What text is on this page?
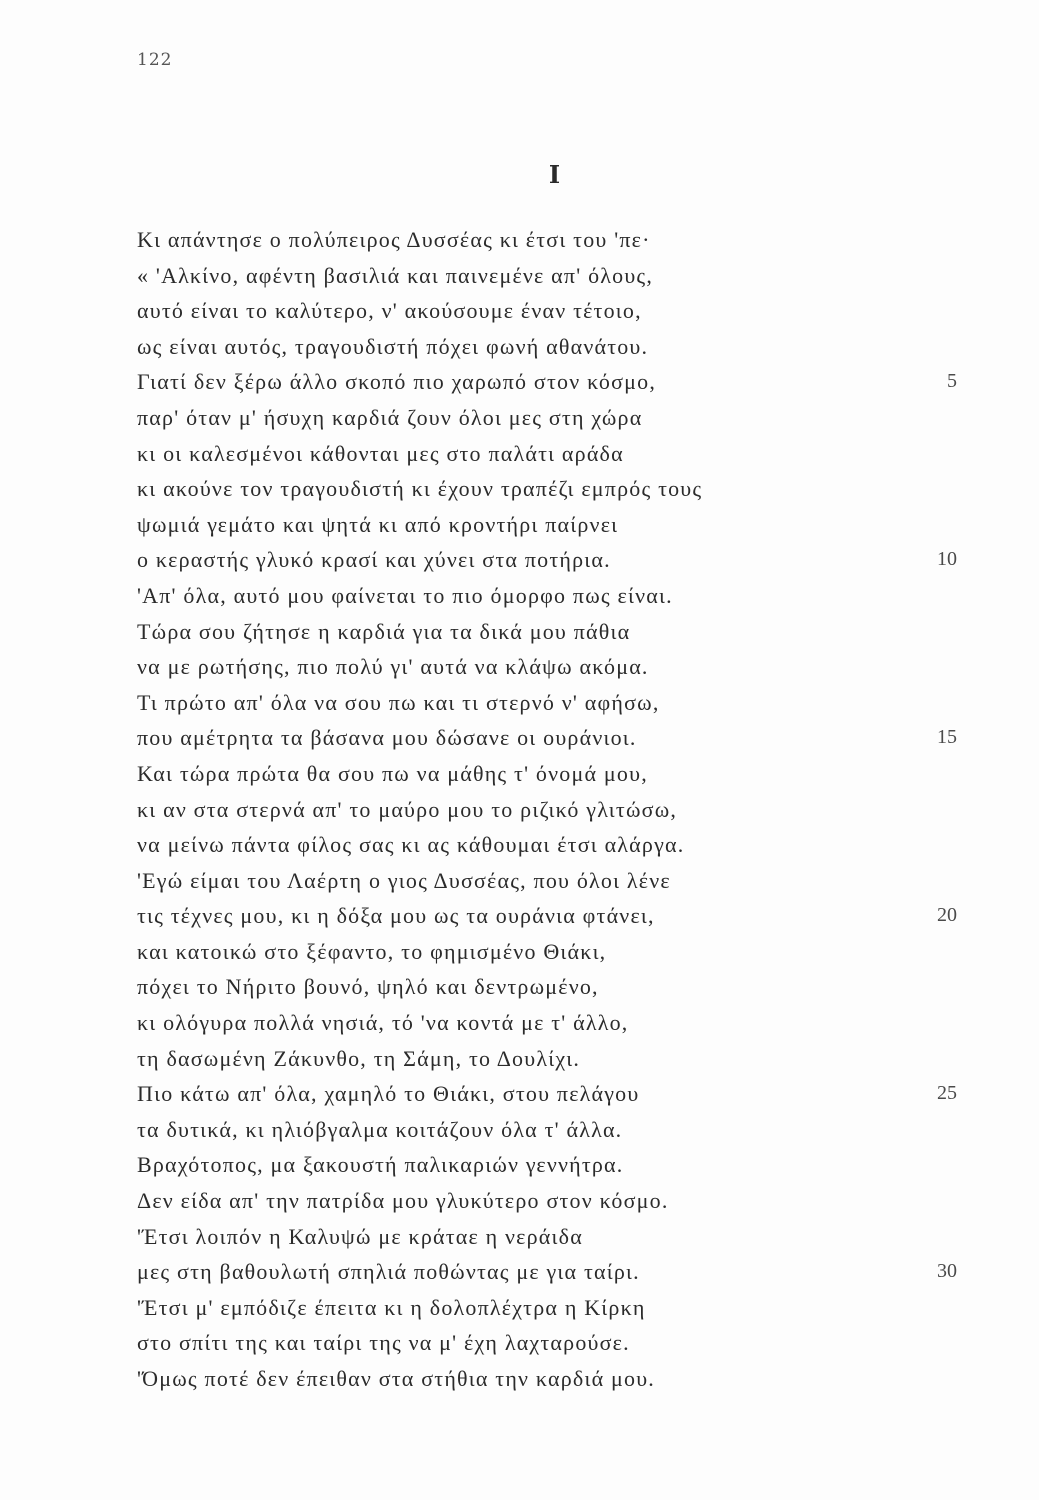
122
I
Κι απάντησε ο πολύπειρος Δυσσέας κι έτσι του 'πε·
« 'Αλκίνο, αφέντη βασιλιά και παινεμένε απ' όλους,
αυτό είναι το καλύτερο, ν' ακούσουμε έναν τέτοιο,
ως είναι αυτός, τραγουδιστή πόχει φωνή αθανάτου.
Γιατί δεν ξέρω άλλο σκοπό πιο χαρωπό στον κόσμο,	5
παρ' όταν μ' ήσυχη καρδιά ζουν όλοι μες στη χώρα
κι οι καλεσμένοι κάθονται μες στο παλάτι αράδα
κι ακούνε τον τραγουδιστή κι έχουν τραπέζι εμπρός τους
ψωμιά γεμάτο και ψητά κι από κροντήρι παίρνει
ο κεραστής γλυκό κρασί και χύνει στα ποτήρια.	10
'Απ' όλα, αυτό μου φαίνεται το πιο όμορφο πως είναι.
Τώρα σου ζήτησε η καρδιά για τα δικά μου πάθια
να με ρωτήσης, πιο πολύ γι' αυτά να κλάψω ακόμα.
Τι πρώτο απ' όλα να σου πω και τι στερνό ν' αφήσω,
που αμέτρητα τα βάσανα μου δώσανε οι ουράνιοι.	15
Και τώρα πρώτα θα σου πω να μάθης τ' όνομά μου,
κι αν στα στερνά απ' το μαύρο μου το ριζικό γλιτώσω,
να μείνω πάντα φίλος σας κι ας κάθουμαι έτσι αλάργα.
'Εγώ είμαι του Λαέρτη ο γιος Δυσσέας, που όλοι λένε
τις τέχνες μου, κι η δόξα μου ως τα ουράνια φτάνει,	20
και κατοικώ στο ξέφαντο, το φημισμένο Θιάκι,
πόχει το Νήριτο βουνό, ψηλό και δεντρωμένο,
κι ολόγυρα πολλά νησιά, τό 'να κοντά με τ' άλλο,
τη δασωμένη Ζάκυνθο, τη Σάμη, το Δουλίχι.
Πιο κάτω απ' όλα, χαμηλό το Θιάκι, στου πελάγου	25
τα δυτικά, κι ηλιόβγαλμα κοιτάζουν όλα τ' άλλα.
Βραχότοπος, μα ξακουστή παλικαριών γεννήτρα.
Δεν είδα απ' την πατρίδα μου γλυκύτερο στον κόσμο.
'Έτσι λοιπόν η Καλυψώ με κράταε η νεράιδα
μες στη βαθουλωτή σπηλιά ποθώντας με για ταίρι.	30
'Έτσι μ' εμπόδιζε έπειτα κι η δολοπλέχτρα η Κίρκη
στο σπίτι της και ταίρι της να μ' έχη λαχταρούσε.
'Όμως ποτέ δεν έπειθαν στα στήθια την καρδιά μου.
